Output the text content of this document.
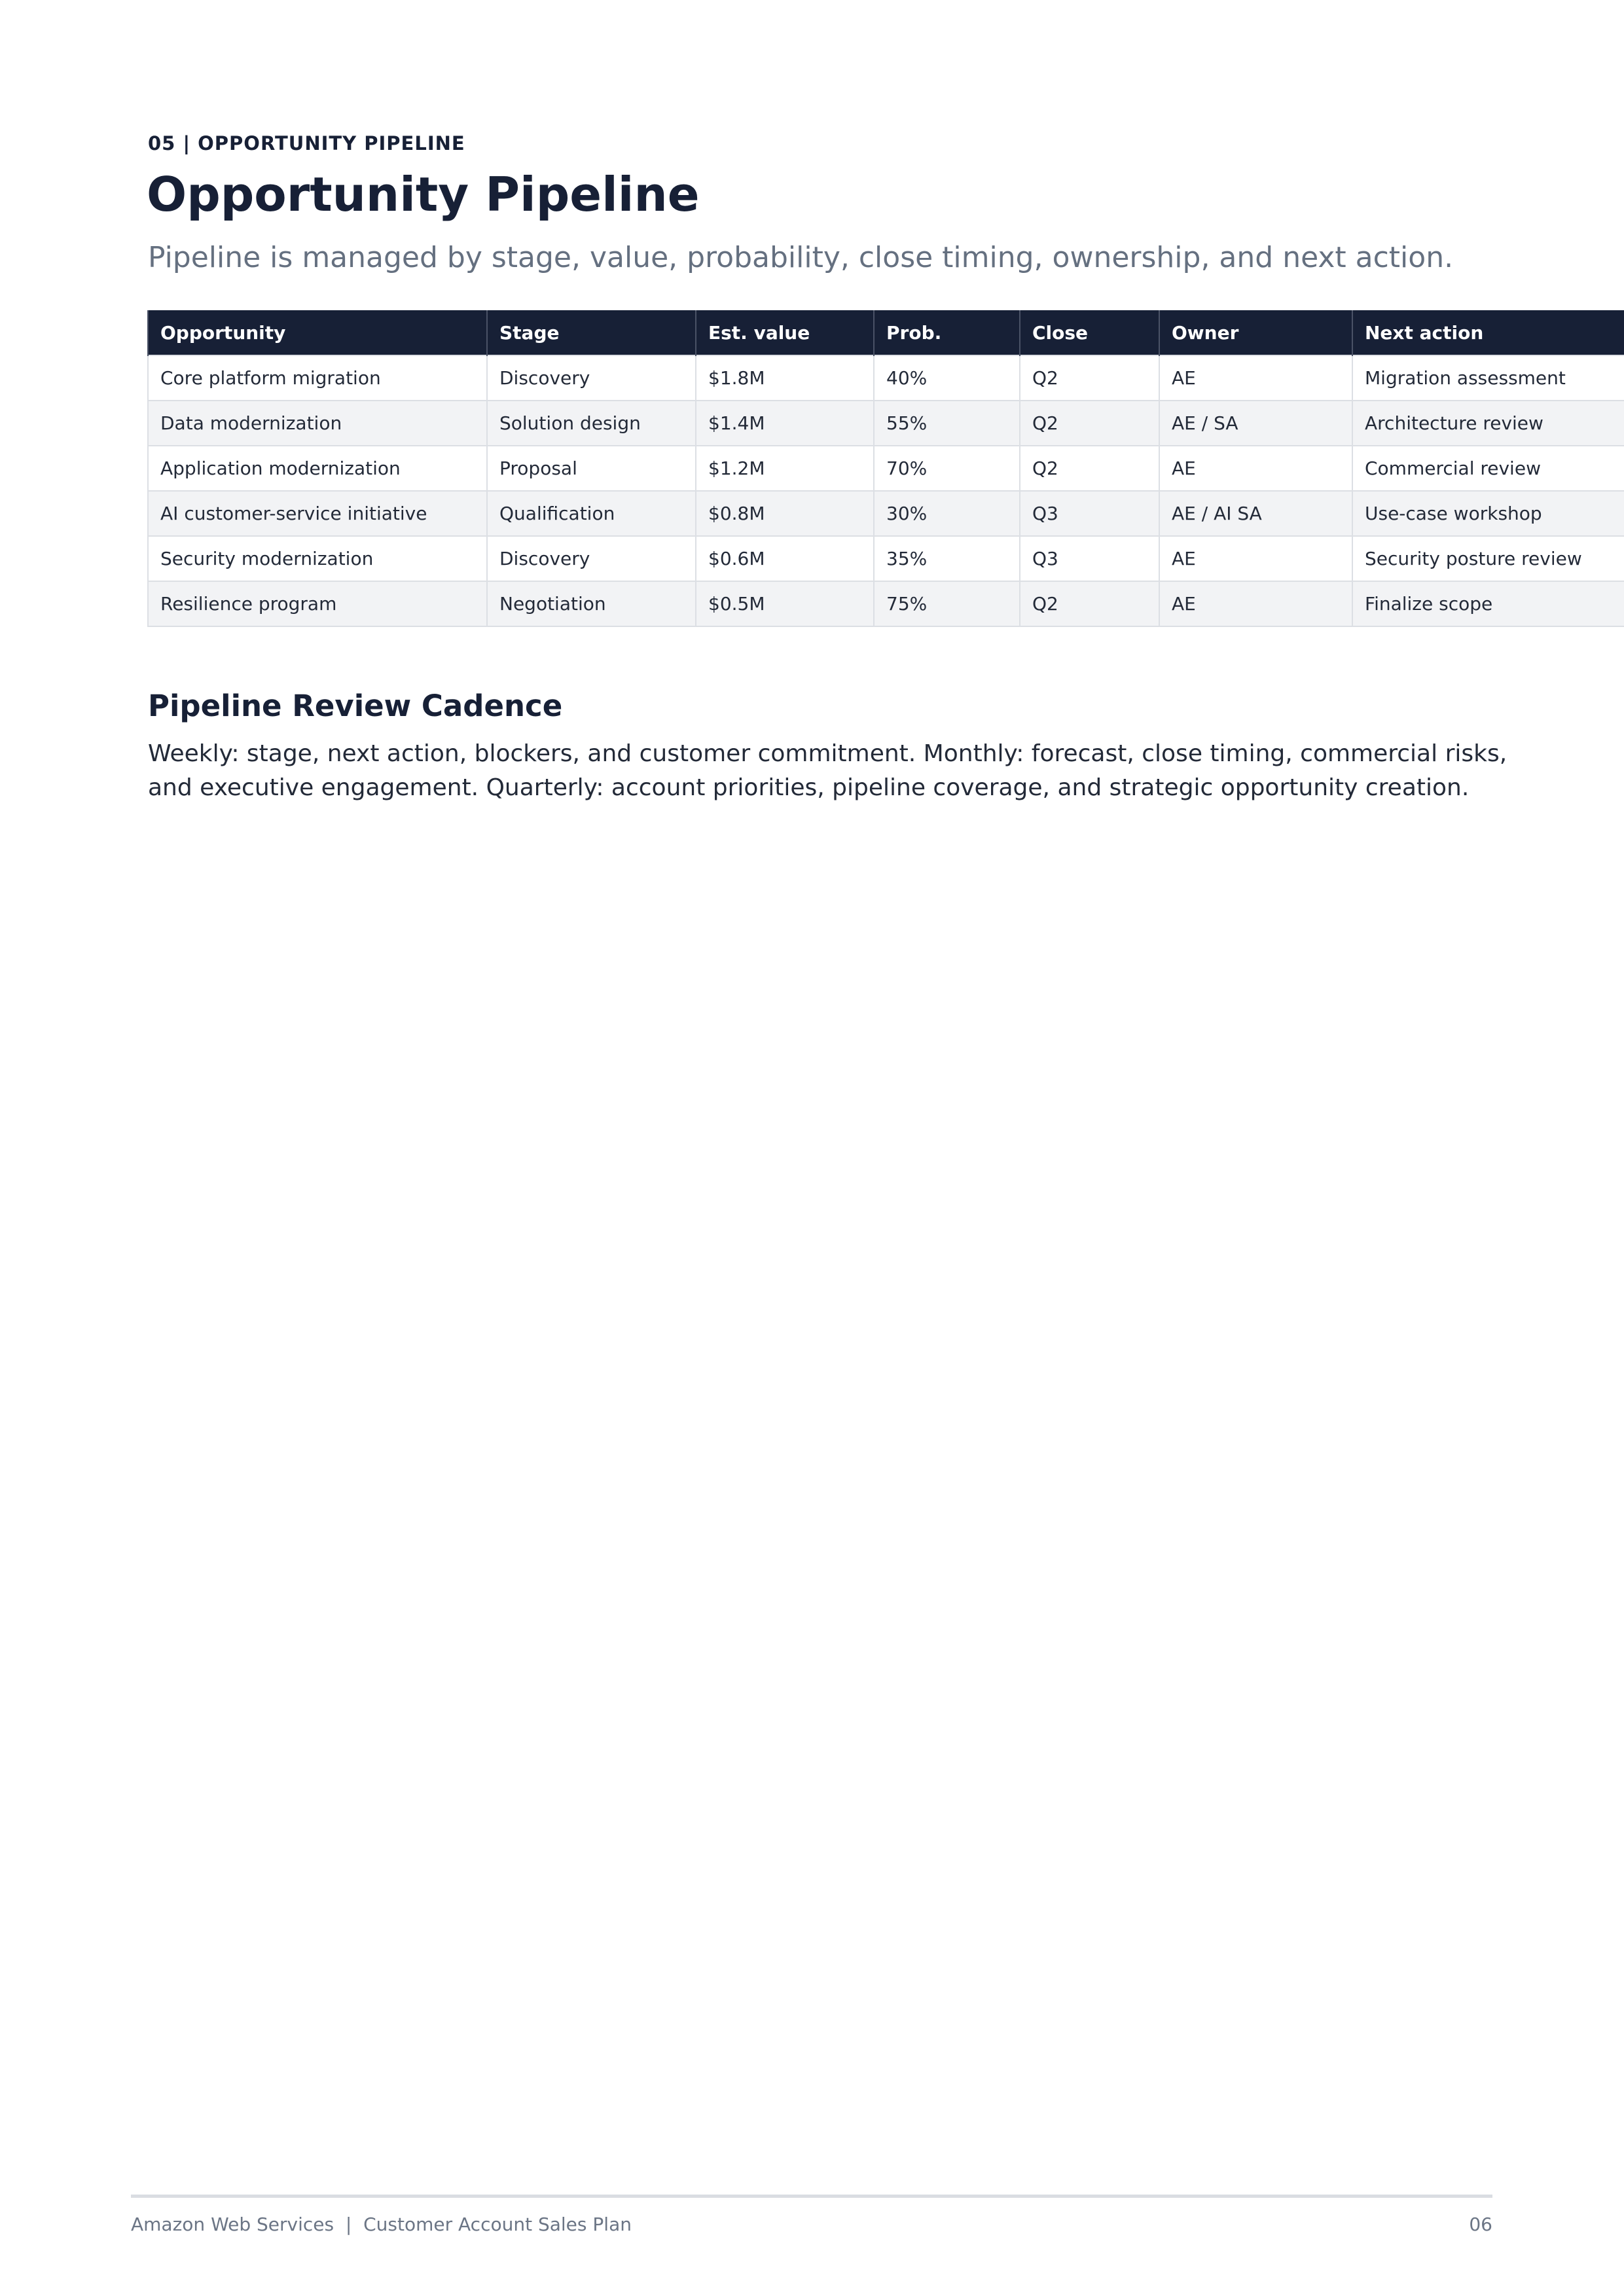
05 | OPPORTUNITY PIPELINE
Opportunity Pipeline
Pipeline is managed by stage, value, probability, close timing, ownership, and next action.
Opportunity	Stage	Est. value	Prob.	Close	Owner	Next action
Core platform migration	Discovery	$1.8M	40%	Q2	AE	Migration assessment
Data modernization	Solution design	$1.4M	55%	Q2	AE / SA	Architecture review
Application modernization	Proposal	$1.2M	70%	Q2	AE	Commercial review
AI customer-service initiative	Qualification	$0.8M	30%	Q3	AE / AI SA	Use-case workshop
Security modernization	Discovery	$0.6M	35%	Q3	AE	Security posture review
Resilience program	Negotiation	$0.5M	75%	Q2	AE	Finalize scope
Pipeline Review Cadence

Weekly: stage, next action, blockers, and customer commitment. Monthly: forecast, close timing, commercial risks, and executive engagement. Quarterly: account priorities, pipeline coverage, and strategic opportunity creation.

Amazon Web Services  |  Customer Account Sales Plan	06
